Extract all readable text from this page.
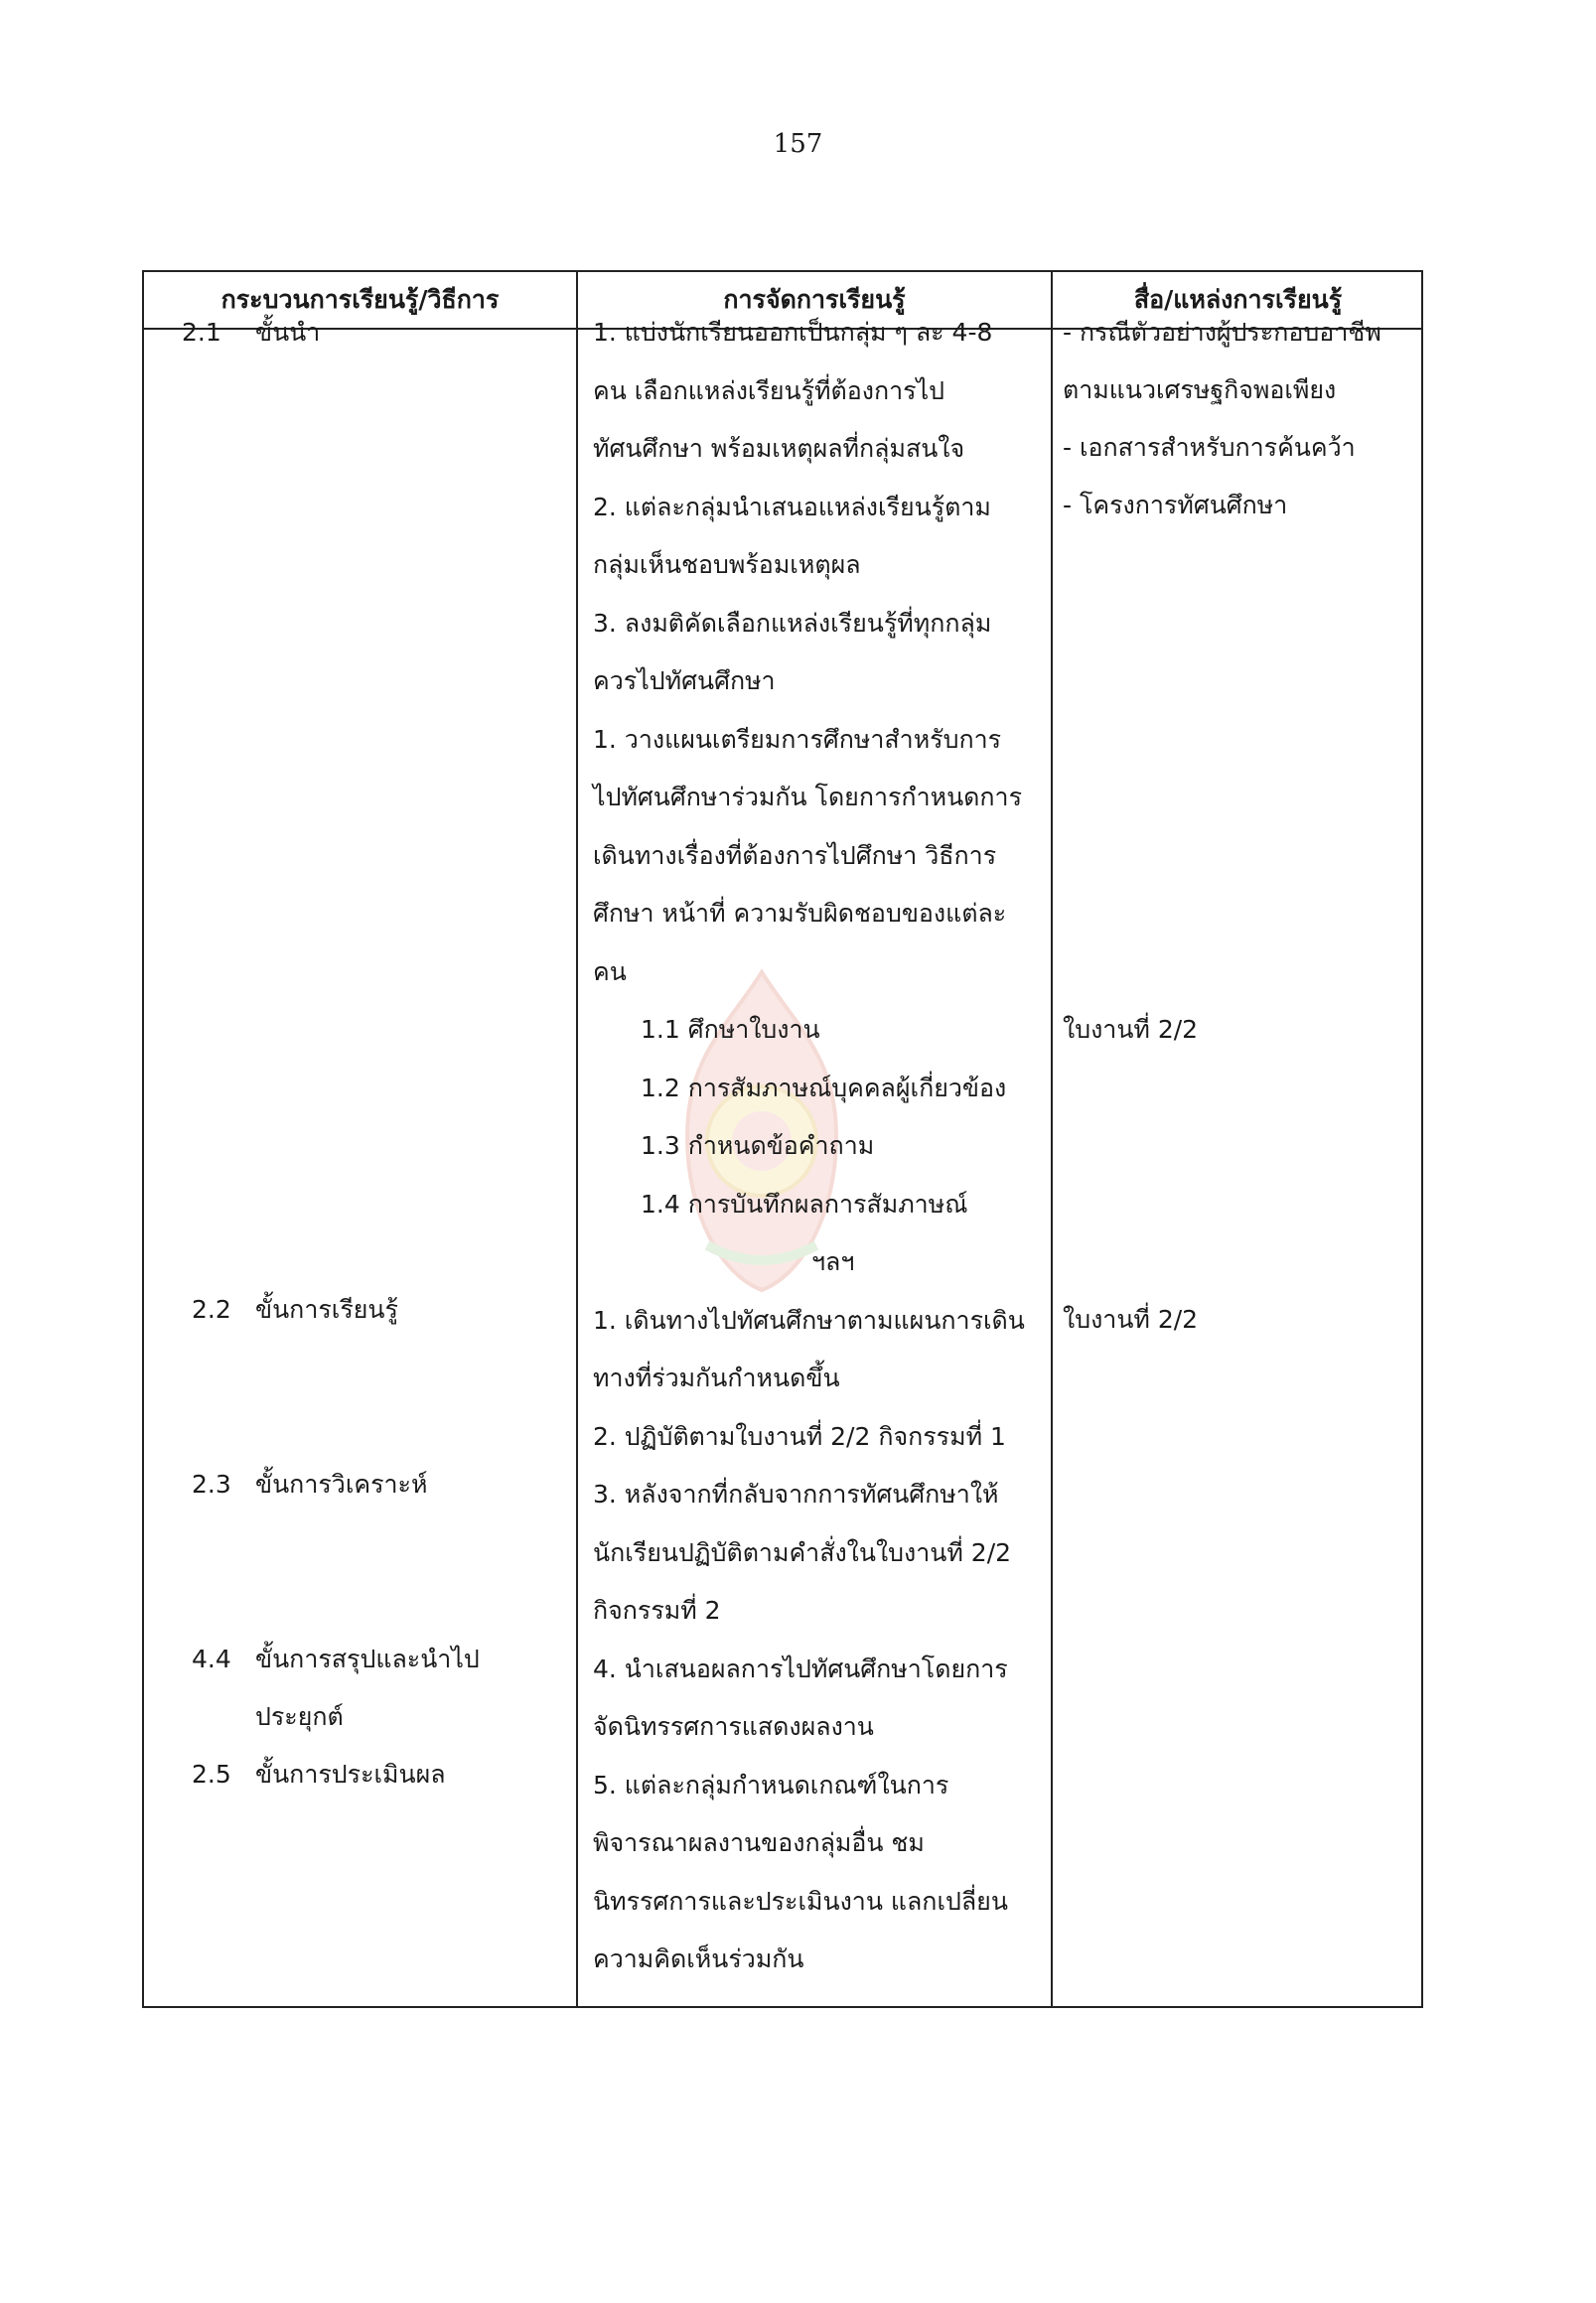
157
กระบวนการเรียนรู้/วิธีการ	การจัดการเรียนรู้	สื่อ/แหล่งการเรียนรู้
2.1 ขั้นนำ
2.2 ขั้นการเรียนรู้
2.3 ขั้นการวิเคราะห์
4.4 ขั้นการสรุปและนำไป
ประยุกต์
2.5 ขั้นการประเมินผล
1. แบ่งนักเรียนออกเป็นกลุ่ม ๆ ละ 4-8
คน เลือกแหล่งเรียนรู้ที่ต้องการไป
ทัศนศึกษา พร้อมเหตุผลที่กลุ่มสนใจ
2. แต่ละกลุ่มนำเสนอแหล่งเรียนรู้ตาม
กลุ่มเห็นชอบพร้อมเหตุผล
3. ลงมติคัดเลือกแหล่งเรียนรู้ที่ทุกกลุ่ม
ควรไปทัศนศึกษา
1. วางแผนเตรียมการศึกษาสำหรับการ
ไปทัศนศึกษาร่วมกัน โดยการกำหนดการ
เดินทางเรื่องที่ต้องการไปศึกษา วิธีการ
ศึกษา หน้าที่ ความรับผิดชอบของแต่ละ
คน
1.1 ศึกษาใบงาน
1.2 การสัมภาษณ์บุคคลผู้เกี่ยวข้อง
1.3 กำหนดข้อคำถาม
1.4 การบันทึกผลการสัมภาษณ์
ฯลฯ
1. เดินทางไปทัศนศึกษาตามแผนการเดิน
ทางที่ร่วมกันกำหนดขึ้น
2. ปฏิบัติตามใบงานที่ 2/2 กิจกรรมที่ 1
3. หลังจากที่กลับจากการทัศนศึกษาให้
นักเรียนปฏิบัติตามคำสั่งในใบงานที่ 2/2
กิจกรรมที่ 2
4. นำเสนอผลการไปทัศนศึกษาโดยการ
จัดนิทรรศการแสดงผลงาน
5. แต่ละกลุ่มกำหนดเกณฑ์ในการ
พิจารณาผลงานของกลุ่มอื่น ชม
นิทรรศการและประเมินงาน แลกเปลี่ยน
ความคิดเห็นร่วมกัน
- กรณีตัวอย่างผู้ประกอบอาชีพ
ตามแนวเศรษฐกิจพอเพียง
- เอกสารสำหรับการค้นคว้า
- โครงการทัศนศึกษา
ใบงานที่ 2/2
ใบงานที่ 2/2
